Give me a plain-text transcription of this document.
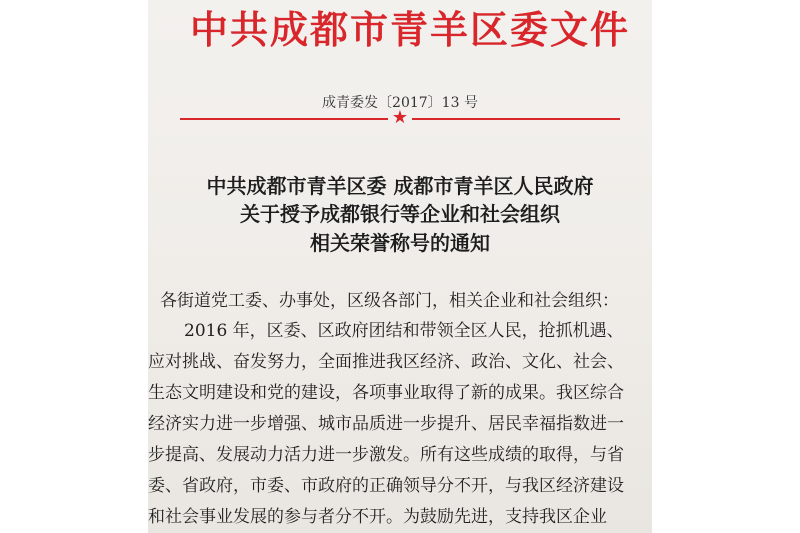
中共成都市青羊区委文件
成青委发〔2017〕13 号
★
中共成都市青羊区委 成都市青羊区人民政府
关于授予成都银行等企业和社会组织
相关荣誉称号的通知
各街道党工委、办事处，区级各部门，相关企业和社会组织：
2016 年，区委、区政府团结和带领全区人民，抢抓机遇、
应对挑战、奋发努力，全面推进我区经济、政治、文化、社会、
生态文明建设和党的建设，各项事业取得了新的成果。我区综合
经济实力进一步增强、城市品质进一步提升、居民幸福指数进一
步提高、发展动力活力进一步激发。所有这些成绩的取得，与省
委、省政府，市委、市政府的正确领导分不开，与我区经济建设
和社会事业发展的参与者分不开。为鼓励先进，支持我区企业
